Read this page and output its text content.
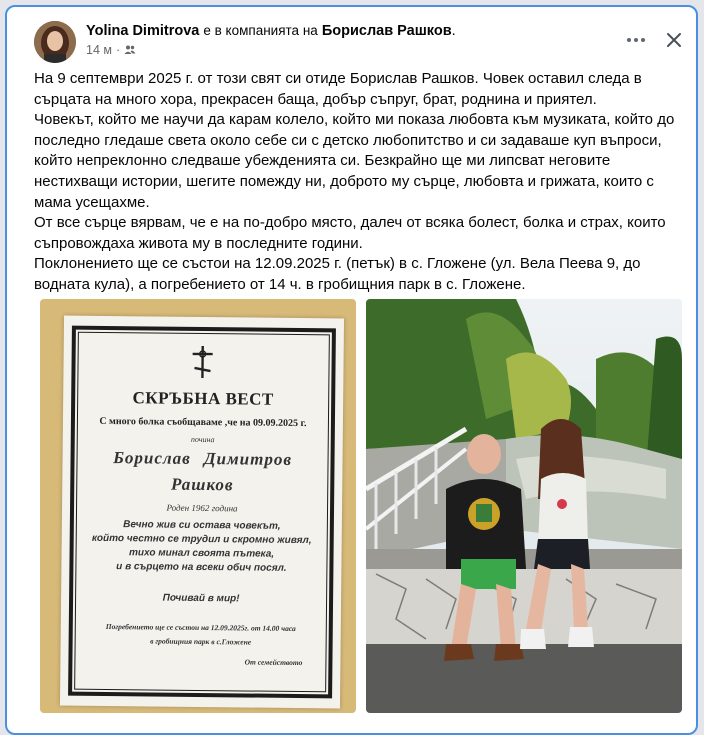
Yolina Dimitrova е в компанията на Борислав Рашков.
14 м ·

На 9 септември 2025 г. от този свят си отиде Борислав Рашков. Човек оставил следа в сърцата на много хора, прекрасен баща, добър съпруг, брат, роднина и приятел.

Човекът, който ме научи да карам колело, който ми показа любовта към музиката, който до последно гледаше света около себе си с детско любопитство и си задаваше куп въпроси, който непреклонно следваше убежденията си. Безкрайно ще ми липсват неговите нестихващи истории, шегите помежду ни, доброто му сърце, любовта и грижата, които с мама усещахме.

От все сърце вярвам, че е на по-добро място, далеч от всяка болест, болка и страх, които съпровождаха живота му в последните години.

Поклонението ще се състои на 12.09.2025 г. (петък) в с. Гложене (ул. Вела Пеева 9, до водната кула), а погребението от 14 ч. в гробищния парк в с. Гложене.

СКРЪБНА ВЕСТ
С много болка съобщаваме ,че на 09.09.2025 г.
почина
Борислав Димитров
Рашков
Роден 1962 година
Вечно жив си остава човекът,
който честно се трудил и скромно живял,
тихо минал своята пътека,
и в сърцето на всеки обич посял.
Почивай в мир!
Погребението ще се състои на 12.09.2025г. от 14.00 часа
в гробищния парк в с.Гложене
От семейството
